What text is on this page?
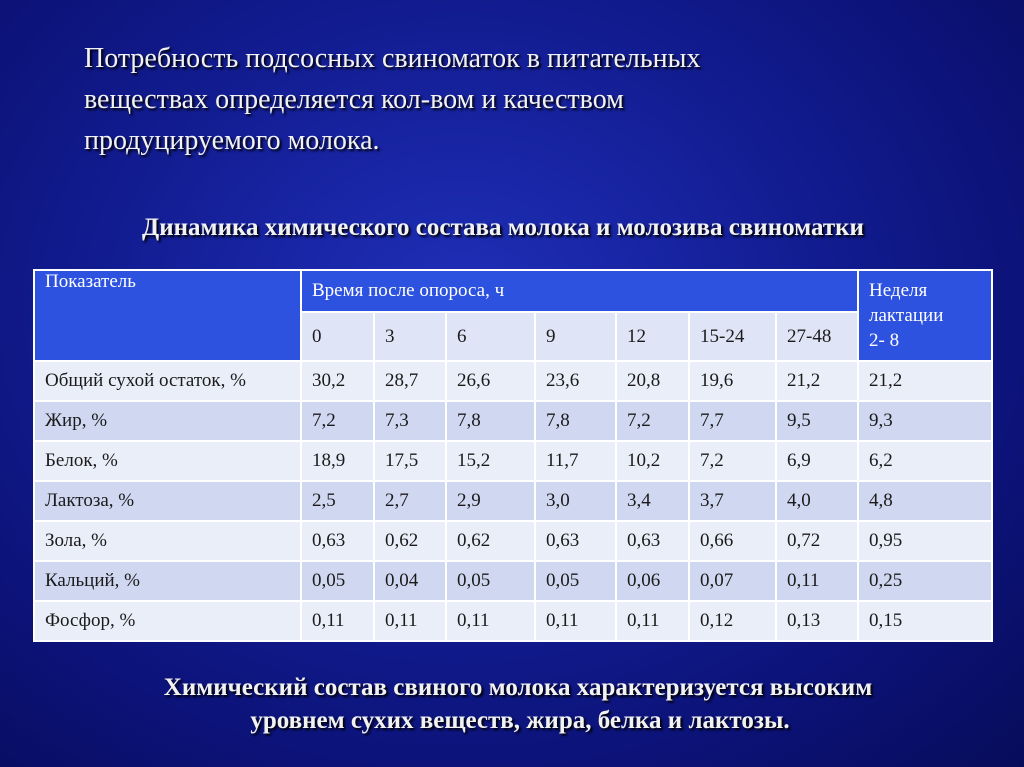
Потребность подсосных свиноматок в питательных
веществах определяется кол-вом и качеством
продуцируемого молока.
Динамика химического состава молока и молозива свиноматки
Показатель	Время после опороса, ч							Неделя
лактации
2- 8

	0	3	6	9	12	15-24	27-48	
Общий сухой остаток, %	30,2	28,7	26,6	23,6	20,8	19,6	21,2	21,2
Жир, %	7,2	7,3	7,8	7,8	7,2	7,7	9,5	9,3
Белок, %	18,9	17,5	15,2	11,7	10,2	7,2	6,9	6,2
Лактоза, %	2,5	2,7	2,9	3,0	3,4	3,7	4,0	4,8
Зола, %	0,63	0,62	0,62	0,63	0,63	0,66	0,72	0,95
Кальций, %	0,05	0,04	0,05	0,05	0,06	0,07	0,11	0,25
Фосфор, %	0,11	0,11	0,11	0,11	0,11	0,12	0,13	0,15
Химический состав свиного молока характеризуется высоким
уровнем сухих веществ, жира, белка и лактозы.
